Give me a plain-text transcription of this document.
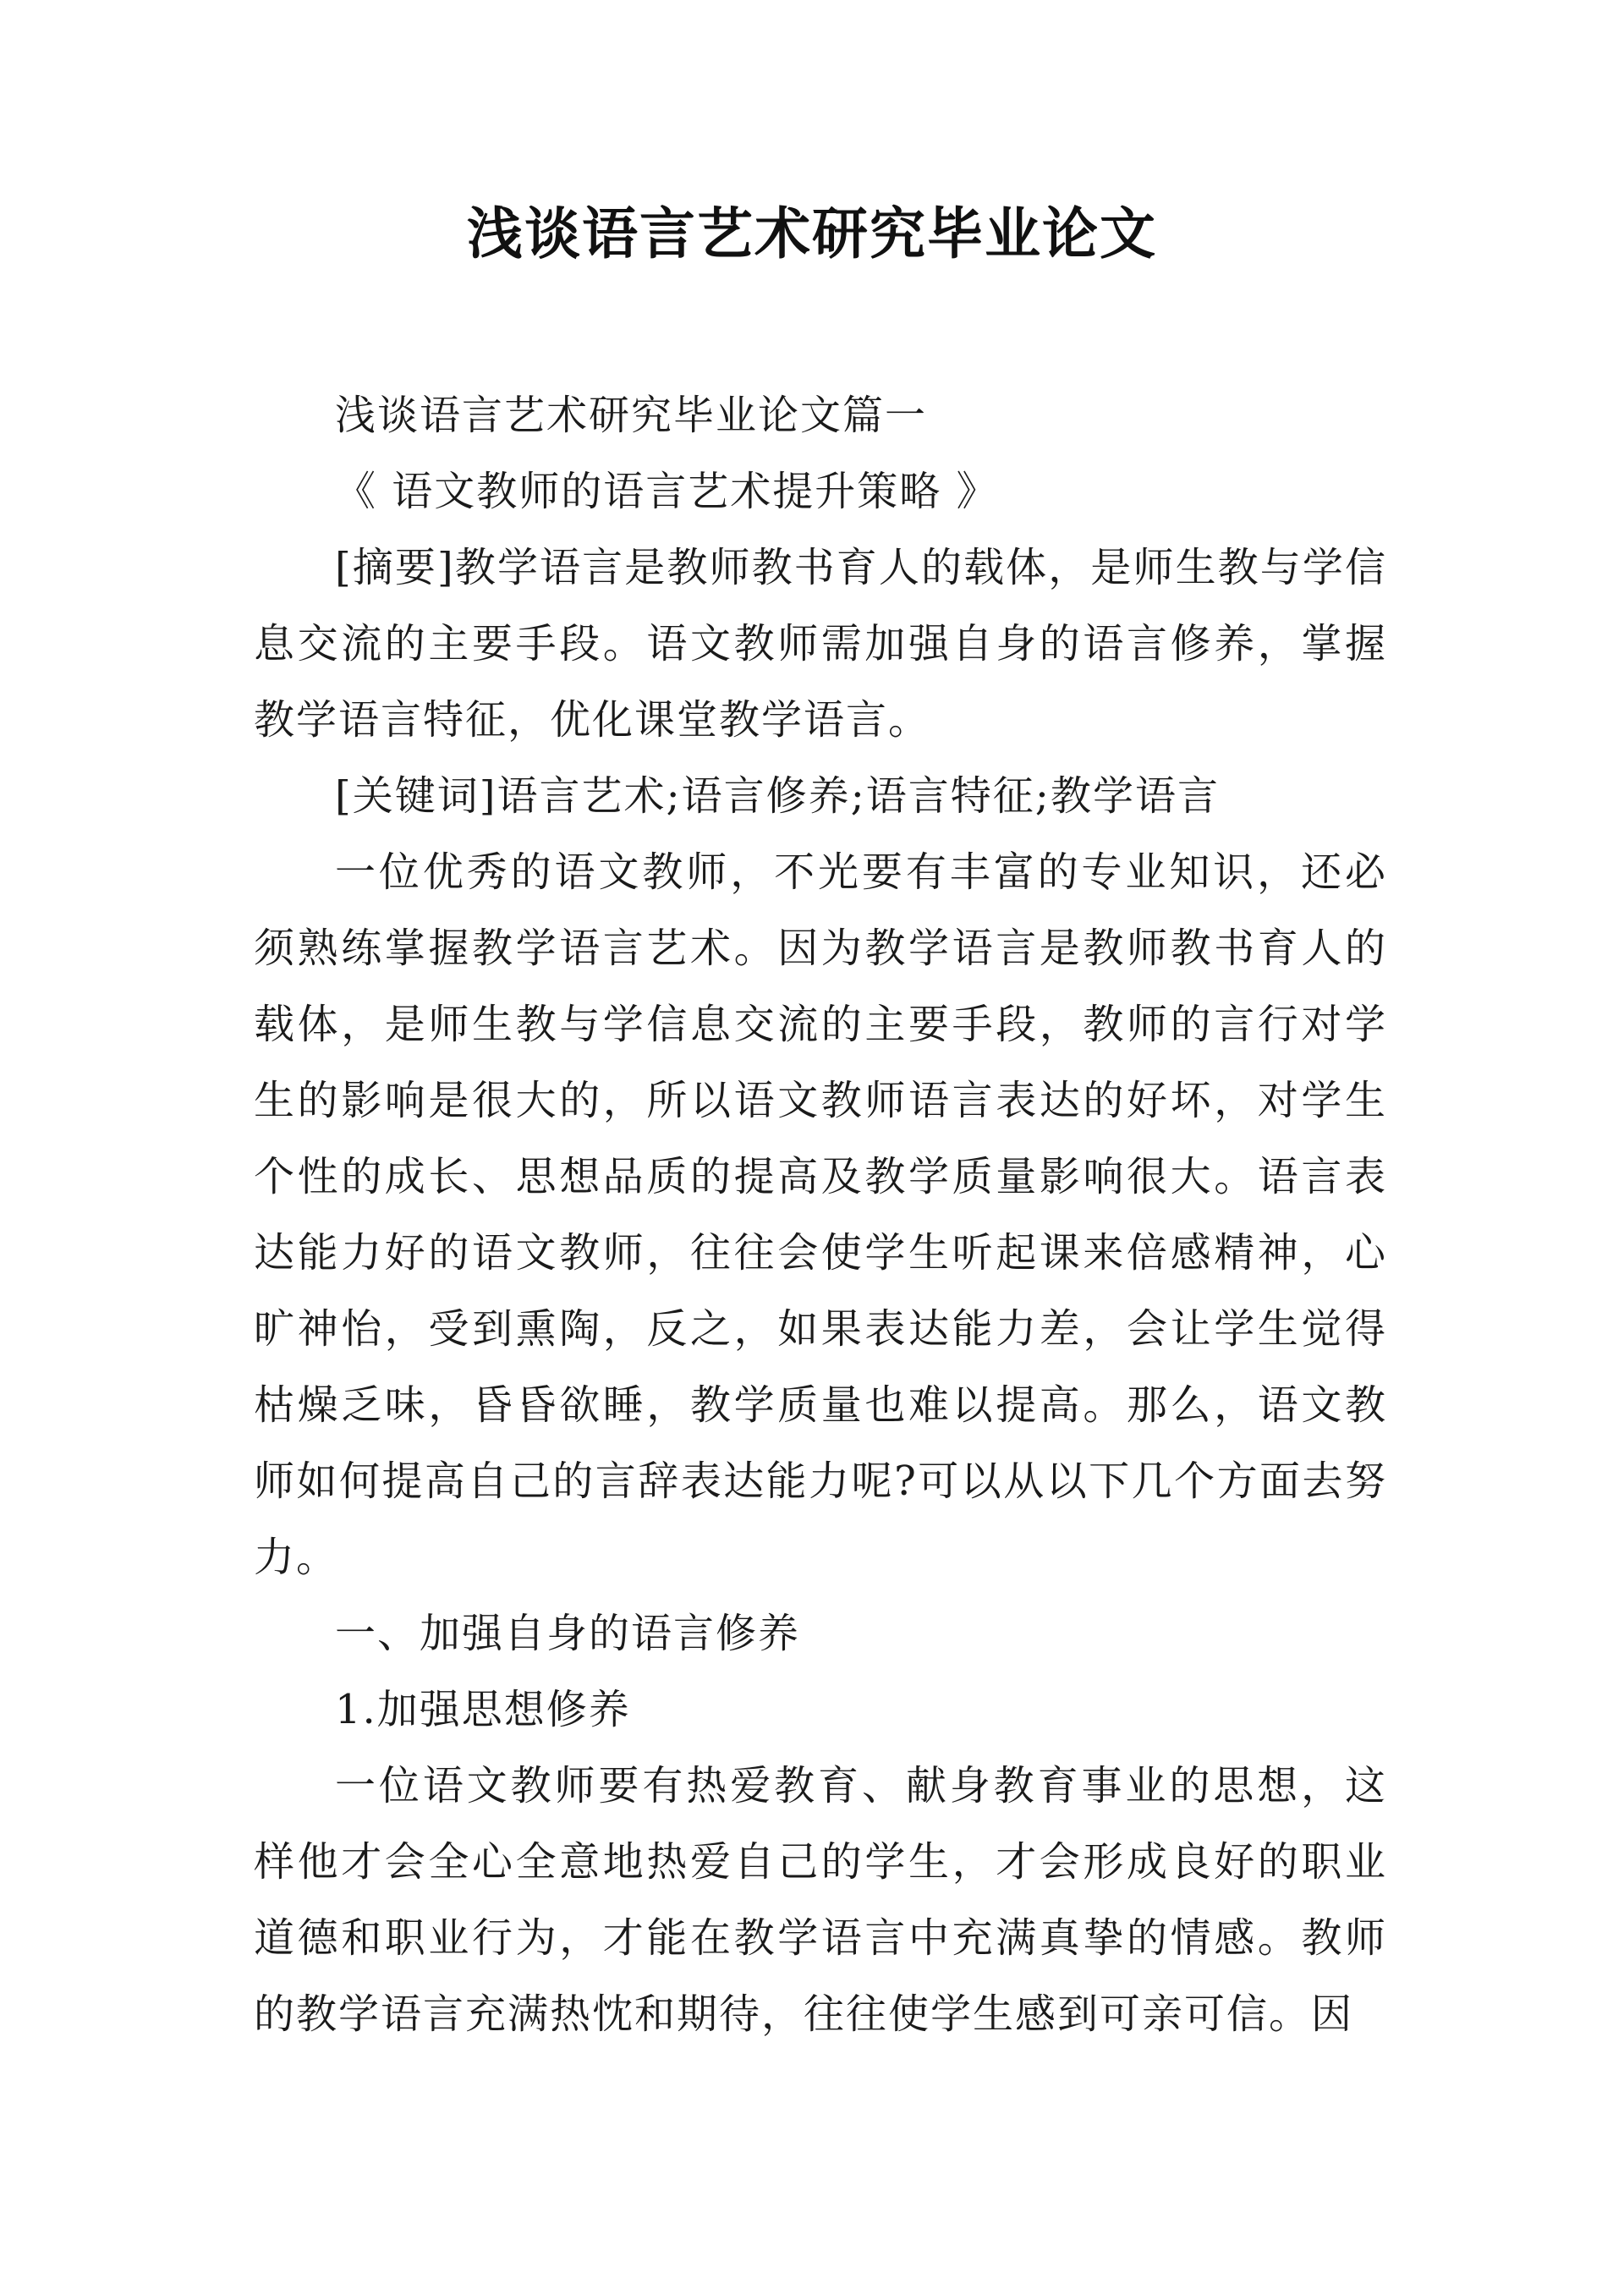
浅谈语言艺术研究毕业论文

浅谈语言艺术研究毕业论文篇一

《 语文教师的语言艺术提升策略 》

[摘要]教学语言是教师教书育人的载体，是师生教与学信息交流的主要手段。语文教师需加强自身的语言修养，掌握教学语言特征，优化课堂教学语言。

[关键词]语言艺术;语言修养;语言特征;教学语言

一位优秀的语文教师，不光要有丰富的专业知识，还必须熟练掌握教学语言艺术。因为教学语言是教师教书育人的载体，是师生教与学信息交流的主要手段，教师的言行对学生的影响是很大的，所以语文教师语言表达的好坏，对学生个性的成长、思想品质的提高及教学质量影响很大。语言表达能力好的语文教师，往往会使学生听起课来倍感精神，心旷神怡，受到熏陶，反之，如果表达能力差，会让学生觉得枯燥乏味，昏昏欲睡，教学质量也难以提高。那么，语文教师如何提高自己的言辞表达能力呢?可以从以下几个方面去努力。

一、加强自身的语言修养

1.加强思想修养

一位语文教师要有热爱教育、献身教育事业的思想，这样他才会全心全意地热爱自己的学生，才会形成良好的职业道德和职业行为，才能在教学语言中充满真挚的情感。教师的教学语言充满热忱和期待，往往使学生感到可亲可信。因
